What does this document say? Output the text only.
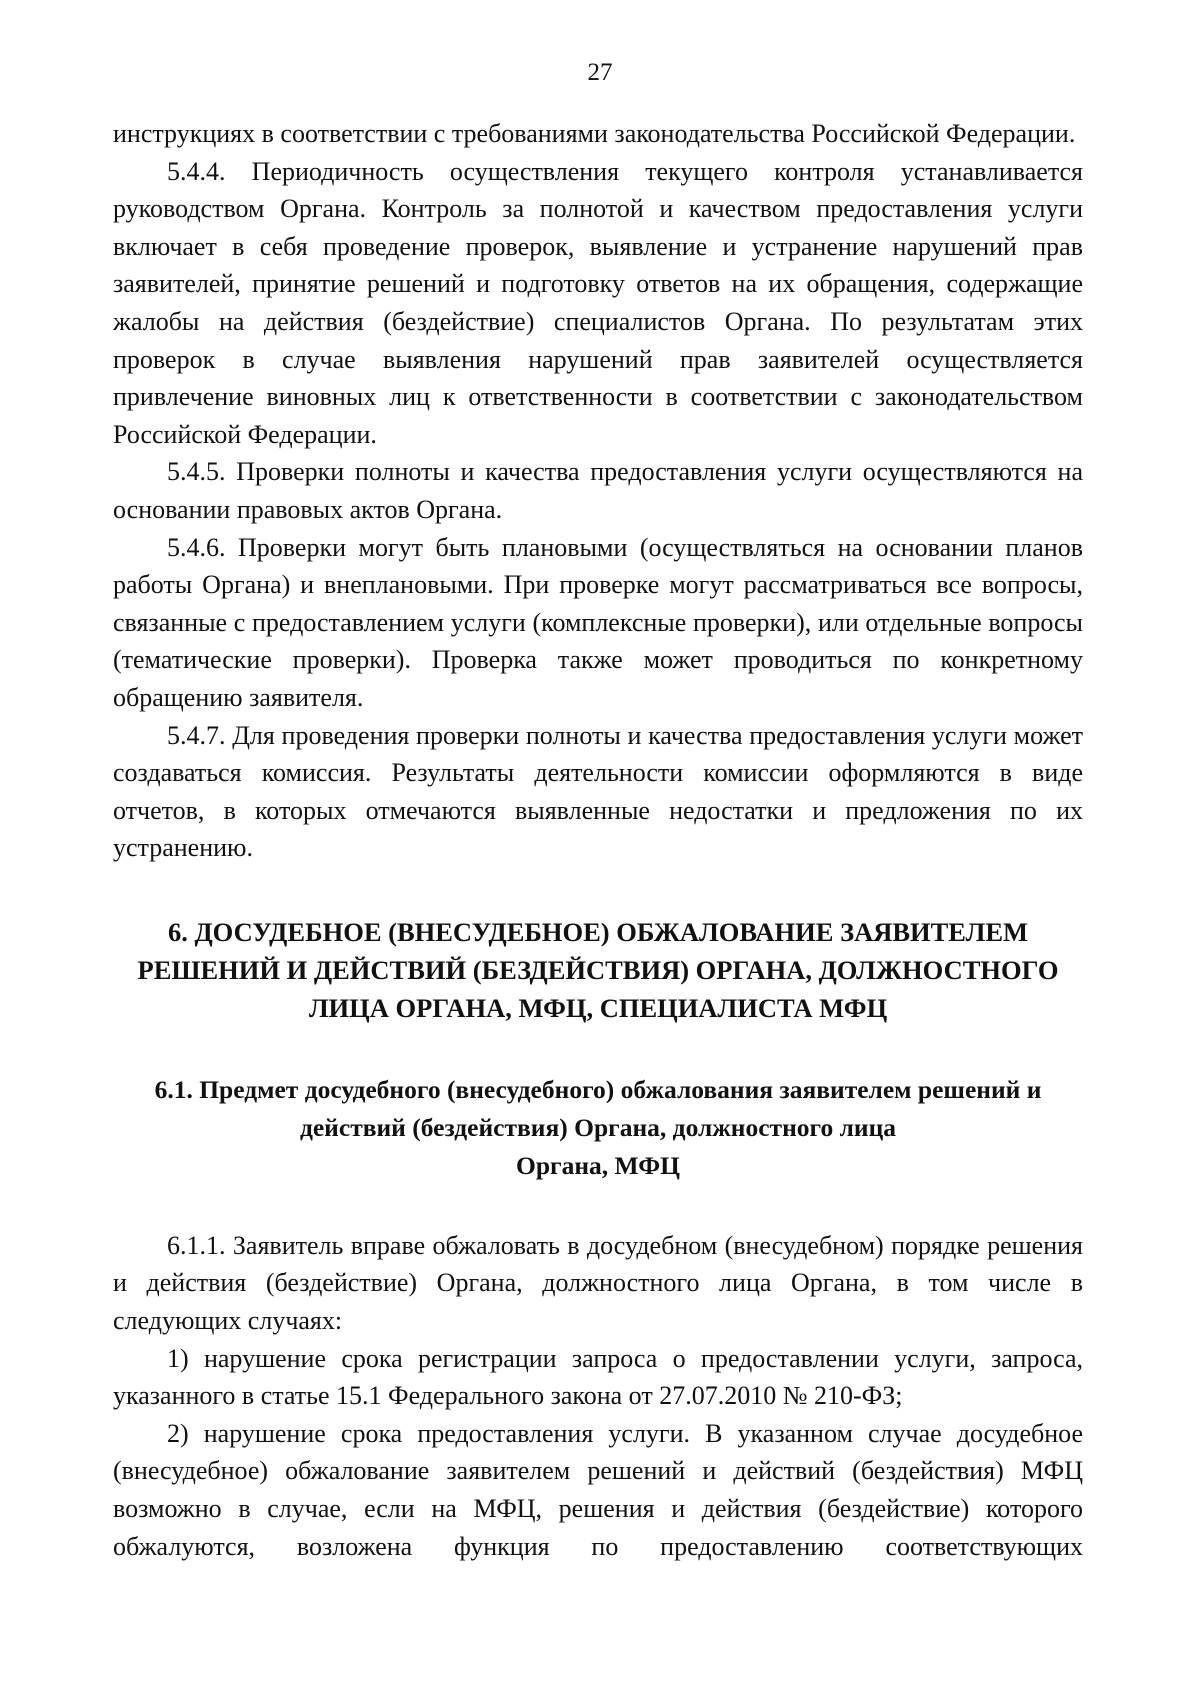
27

инструкциях в соответствии с требованиями законодательства Российской Федерации.

5.4.4. Периодичность осуществления текущего контроля устанавливается руководством Органа. Контроль за полнотой и качеством предоставления услуги включает в себя проведение проверок, выявление и устранение нарушений прав заявителей, принятие решений и подготовку ответов на их обращения, содержащие жалобы на действия (бездействие) специалистов Органа. По результатам этих проверок в случае выявления нарушений прав заявителей осуществляется привлечение виновных лиц к ответственности в соответствии с законодательством Российской Федерации.

5.4.5. Проверки полноты и качества предоставления услуги осуществляются на основании правовых актов Органа.

5.4.6. Проверки могут быть плановыми (осуществляться на основании планов работы Органа) и внеплановыми. При проверке могут рассматриваться все вопросы, связанные с предоставлением услуги (комплексные проверки), или отдельные вопросы (тематические проверки). Проверка также может проводиться по конкретному обращению заявителя.

5.4.7. Для проведения проверки полноты и качества предоставления услуги может создаваться комиссия. Результаты деятельности комиссии оформляются в виде отчетов, в которых отмечаются выявленные недостатки и предложения по их устранению.

6. ДОСУДЕБНОЕ (ВНЕСУДЕБНОЕ) ОБЖАЛОВАНИЕ ЗАЯВИТЕЛЕМ РЕШЕНИЙ И ДЕЙСТВИЙ (БЕЗДЕЙСТВИЯ) ОРГАНА, ДОЛЖНОСТНОГО ЛИЦА ОРГАНА, МФЦ, СПЕЦИАЛИСТА МФЦ
6.1. Предмет досудебного (внесудебного) обжалования заявителем решений и
действий (бездействия) Органа, должностного лица
Органа, МФЦ

6.1.1. Заявитель вправе обжаловать в досудебном (внесудебном) порядке решения и действия (бездействие) Органа, должностного лица Органа, в том числе в следующих случаях:

1) нарушение срока регистрации запроса о предоставлении услуги, запроса, указанного в статье 15.1 Федерального закона от 27.07.2010 № 210-ФЗ;

2) нарушение срока предоставления услуги. В указанном случае досудебное (внесудебное) обжалование заявителем решений и действий (бездействия) МФЦ возможно в случае, если на МФЦ, решения и действия (бездействие) которого обжалуются, возложена функция по предоставлению соответствующих
